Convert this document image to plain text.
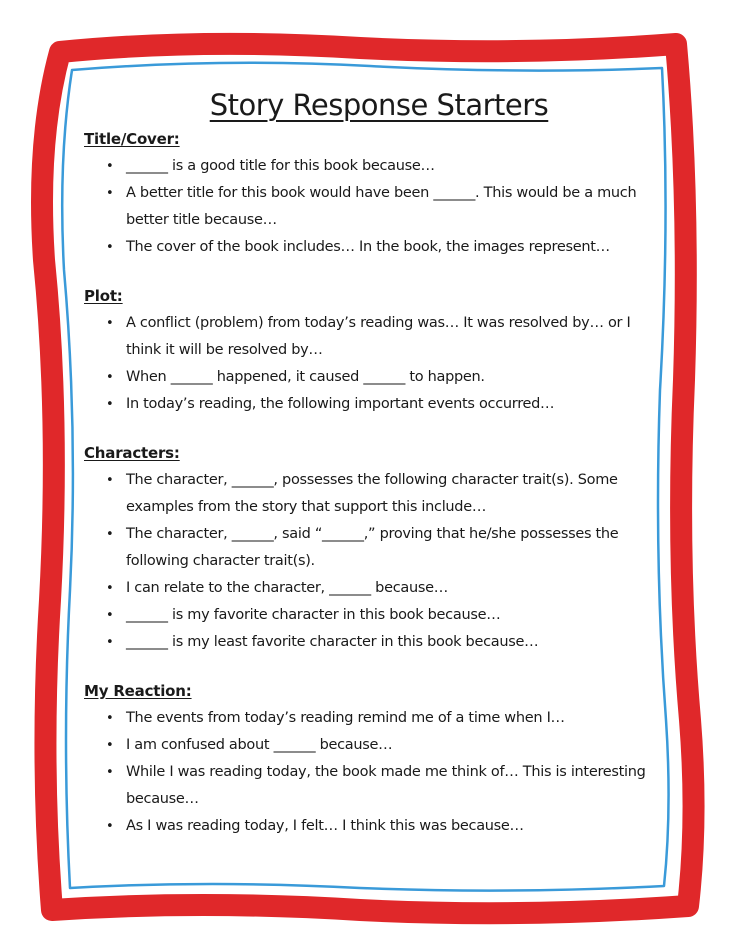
Story Response Starters
Title/Cover:
• ______ is a good title for this book because…
• A better title for this book would have been ______. This would be a much better title because…
• The cover of the book includes… In the book, the images represent…
Plot:
• A conflict (problem) from today’s reading was… It was resolved by… or I think it will be resolved by…
• When ______ happened, it caused ______ to happen.
• In today’s reading, the following important events occurred…
Characters:
• The character, ______, possesses the following character trait(s). Some examples from the story that support this include…
• The character, ______, said “______,” proving that he/she possesses the following character trait(s).
• I can relate to the character, ______ because…
• ______ is my favorite character in this book because…
• ______ is my least favorite character in this book because…
My Reaction:
• The events from today’s reading remind me of a time when I…
• I am confused about ______ because…
• While I was reading today, the book made me think of… This is interesting because…
• As I was reading today, I felt… I think this was because…
